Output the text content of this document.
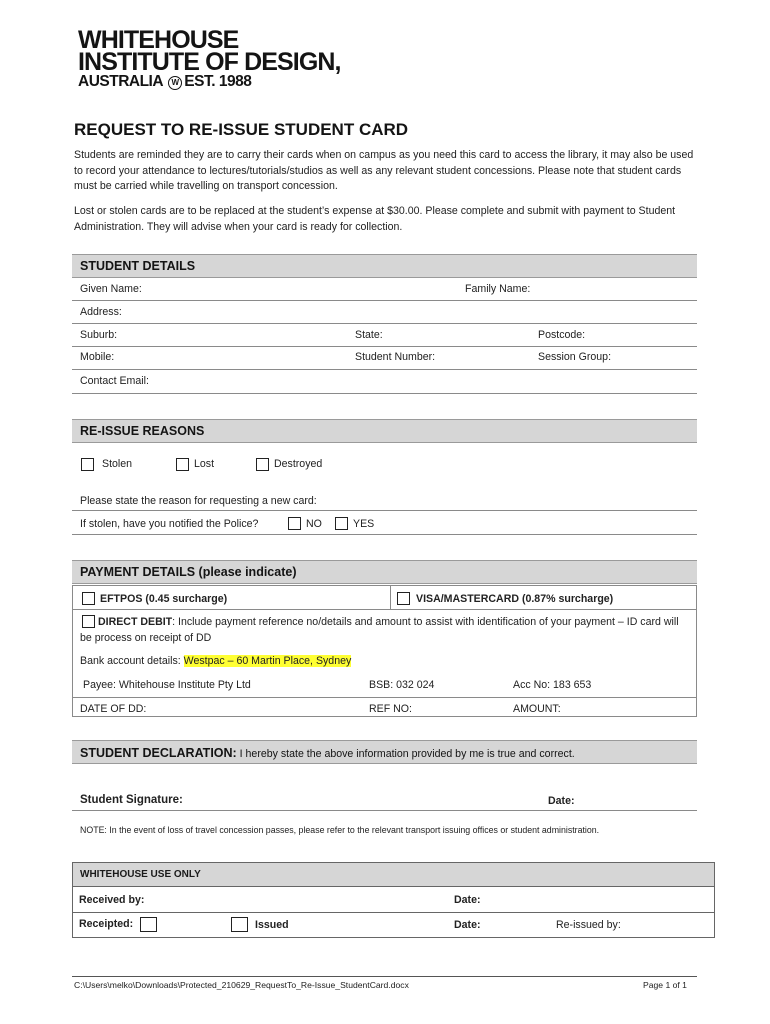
WHITEHOUSE
INSTITUTE OF DESIGN,
AUSTRALIA W EST. 1988
REQUEST TO RE-ISSUE STUDENT CARD
Students are reminded they are to carry their cards when on campus as you need this card to access the library, it may also be used to record your attendance to lectures/tutorials/studios as well as any relevant student concessions. Please note that student cards must be carried while travelling on transport concession.
Lost or stolen cards are to be replaced at the student’s expense at $30.00. Please complete and submit with payment to Student Administration. They will advise when your card is ready for collection.
STUDENT DETAILS
Given Name:	Family Name:
Address:
Suburb:	State:	Postcode:
Mobile:	Student Number:	Session Group:
Contact Email:
RE-ISSUE REASONS
Stolen	Lost	Destroyed
Please state the reason for requesting a new card:
If stolen, have you notified the Police?	NO	YES
PAYMENT DETAILS (please indicate)
EFTPOS (0.45 surcharge)	VISA/MASTERCARD (0.87% surcharge)
DIRECT DEBIT: Include payment reference no/details and amount to assist with identification of your payment – ID card will be process on receipt of DD
Bank account details: Westpac – 60 Martin Place, Sydney
Payee: Whitehouse Institute Pty Ltd	BSB: 032 024	Acc No: 183 653
DATE OF DD:	REF NO:	AMOUNT:
STUDENT DECLARATION: I hereby state the above information provided by me is true and correct.
Student Signature:	Date:
NOTE: In the event of loss of travel concession passes, please refer to the relevant transport issuing offices or student administration.
WHITEHOUSE USE ONLY
Received by:	Date:
Receipted:	Issued	Date:	Re-issued by:
C:\Users\melko\Downloads\Protected_210629_RequestTo_Re-Issue_StudentCard.docx	Page 1 of 1
